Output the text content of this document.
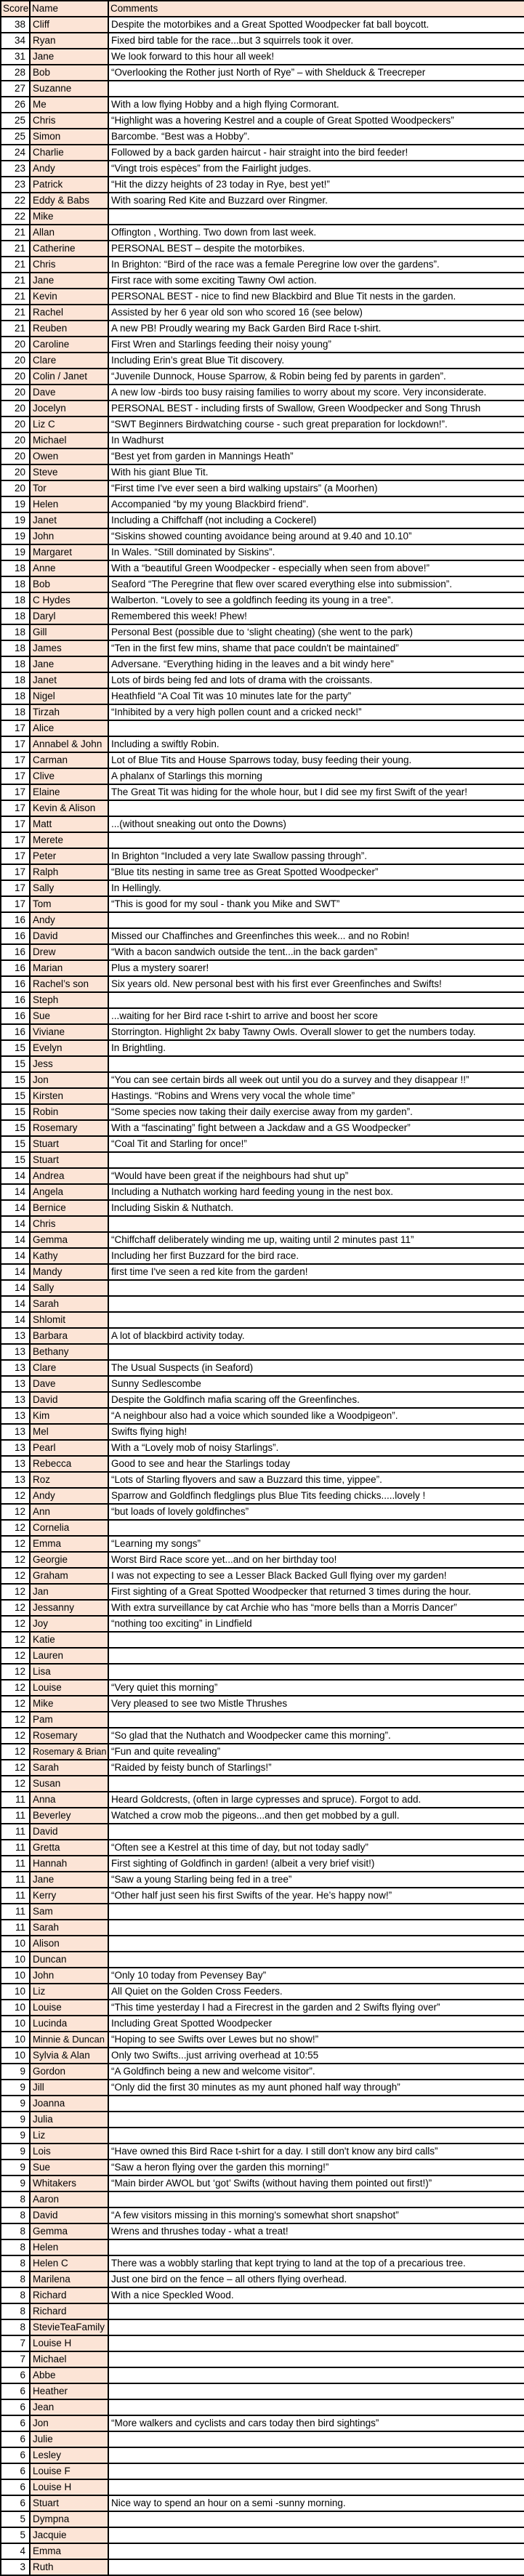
Score	Name	Comments
38	Cliff	Despite the motorbikes and a Great Spotted Woodpecker fat ball boycott.
34	Ryan	Fixed bird table for the race...but 3 squirrels took it over.
31	Jane	We look forward to this hour all week!
28	Bob	“Overlooking the Rother just North of Rye” – with Shelduck & Treecreper
27	Suzanne	
26	Me	With a low flying Hobby and a high flying Cormorant.
25	Chris	“Highlight was a hovering Kestrel and a couple of Great Spotted Woodpeckers”
25	Simon	Barcombe. “Best was a Hobby”.
24	Charlie	Followed by a back garden haircut - hair straight into the bird feeder!
23	Andy	“Vingt trois espèces” from the Fairlight judges.
23	Patrick	“Hit the dizzy heights of 23 today in Rye, best yet!”
22	Eddy & Babs	With soaring Red Kite and Buzzard over Ringmer.
22	Mike	
21	Allan	Offington , Worthing. Two down from last week.
21	Catherine	PERSONAL BEST – despite the motorbikes.
21	Chris	In Brighton: “Bird of the race was a female Peregrine low over the gardens”.
21	Jane	First race with some exciting Tawny Owl action.
21	Kevin	PERSONAL BEST - nice to find new Blackbird and Blue Tit nests in the garden.
21	Rachel	Assisted by her 6 year old son who scored 16 (see below)
21	Reuben	A new PB! Proudly wearing my Back Garden Bird Race t-shirt.
20	Caroline	First Wren and Starlings feeding their noisy young”
20	Clare	Including Erin’s great Blue Tit discovery.
20	Colin / Janet	“Juvenile Dunnock, House Sparrow, & Robin being fed by parents in garden”.
20	Dave	A new low -birds too busy raising families to worry about my score. Very inconsiderate.
20	Jocelyn	PERSONAL BEST - including firsts of Swallow, Green Woodpecker and Song Thrush
20	Liz C	“SWT Beginners Birdwatching course - such great preparation for lockdown!”.
20	Michael	In Wadhurst
20	Owen	“Best yet from garden in Mannings Heath”
20	Steve	With his giant Blue Tit.
20	Tor	“First time I've ever seen a bird walking upstairs” (a Moorhen)
19	Helen	Accompanied “by my young Blackbird friend”.
19	Janet	Including a Chiffchaff (not including a Cockerel)
19	John	“Siskins showed counting avoidance being around at 9.40 and 10.10”
19	Margaret	In Wales. “Still dominated by Siskins”.
18	Anne	With a “beautiful Green Woodpecker - especially when seen from above!”
18	Bob	Seaford “The Peregrine that flew over scared everything else into submission”.
18	C Hydes	Walberton. “Lovely to see a goldfinch feeding its young in a tree”.
18	Daryl	Remembered this week! Phew!
18	Gill	Personal Best (possible due to ‘slight cheating) (she went to the park)
18	James	“Ten in the first few mins, shame that pace couldn't be maintained”
18	Jane	Adversane. “Everything hiding in the leaves and a bit windy here”
18	Janet	Lots of birds being fed and lots of drama with the croissants.
18	Nigel	Heathfield “A Coal Tit was 10 minutes late for the party”
18	Tirzah	“Inhibited by a very high pollen count and a cricked neck!”
17	Alice	
17	Annabel & John	Including a swiftly Robin.
17	Carman	Lot of Blue Tits and House Sparrows today, busy feeding their young.
17	Clive	A phalanx of Starlings this morning
17	Elaine	The Great Tit was hiding for the whole hour, but I did see my first Swift of the year!
17	Kevin & Alison	
17	Matt	...(without sneaking out onto the Downs)
17	Merete	
17	Peter	In Brighton “Included a very late Swallow passing through”.
17	Ralph	“Blue tits nesting in same tree as Great Spotted Woodpecker”
17	Sally	In Hellingly.
17	Tom	“This is good for my soul - thank you Mike and SWT”
16	Andy	
16	David	Missed our Chaffinches and Greenfinches this week... and no Robin!
16	Drew	“With a bacon sandwich outside the tent...in the back garden”
16	Marian	Plus a mystery soarer!
16	Rachel’s son	Six years old. New personal best with his first ever Greenfinches and Swifts!
16	Steph	
16	Sue	...waiting for her Bird race t-shirt to arrive and boost her score
16	Viviane	Storrington. Highlight 2x baby Tawny Owls. Overall slower to get the numbers today.
15	Evelyn	In Brightling.
15	Jess	
15	Jon	“You can see certain birds all week out until you do a survey and they disappear !!”
15	Kirsten	Hastings. “Robins and Wrens very vocal the whole time”
15	Robin	“Some species now taking their daily exercise away from my garden”.
15	Rosemary	With a “fascinating” fight between a Jackdaw and a GS Woodpecker”
15	Stuart	“Coal Tit and Starling for once!”
15	Stuart	
14	Andrea	“Would have been great if the neighbours had shut up”
14	Angela	Including a Nuthatch working hard feeding young in the nest box.
14	Bernice	Including Siskin & Nuthatch.
14	Chris	
14	Gemma	“Chiffchaff deliberately winding me up, waiting until 2 minutes past 11”
14	Kathy	Including her first Buzzard for the bird race.
14	Mandy	first time I've seen a red kite from the garden!
14	Sally	
14	Sarah	
14	Shlomit	
13	Barbara	A lot of blackbird activity today.
13	Bethany	
13	Clare	The Usual Suspects (in Seaford)
13	Dave	Sunny Sedlescombe
13	David	Despite the Goldfinch mafia scaring off the Greenfinches.
13	Kim	“A neighbour also had a voice which sounded like a Woodpigeon”.
13	Mel	Swifts flying high!
13	Pearl	With a “Lovely mob of noisy Starlings”.
13	Rebecca	Good to see and hear the Starlings today
13	Roz	“Lots of Starling flyovers and saw a Buzzard this time, yippee”.
12	Andy	Sparrow and Goldfinch fledglings plus Blue Tits feeding chicks.....lovely !
12	Ann	“but loads of lovely goldfinches”
12	Cornelia	
12	Emma	“Learning my songs”
12	Georgie	Worst Bird Race score yet...and on her birthday too!
12	Graham	I was not expecting to see a Lesser Black Backed Gull flying over my garden!
12	Jan	First sighting of a Great Spotted Woodpecker that returned 3 times during the hour.
12	Jessanny	With extra surveillance by cat Archie who has “more bells than a Morris Dancer”
12	Joy	“nothing too exciting” in Lindfield
12	Katie	
12	Lauren	
12	Lisa	
12	Louise	“Very quiet this morning”
12	Mike	Very pleased to see two Mistle Thrushes
12	Pam	
12	Rosemary	“So glad that the Nuthatch and Woodpecker came this morning”.
12	Rosemary & Brian	“Fun and quite revealing”
12	Sarah	“Raided by feisty bunch of Starlings!”
12	Susan	
11	Anna	Heard Goldcrests, (often in large cypresses and spruce). Forgot to add.
11	Beverley	Watched a crow mob the pigeons...and then get mobbed by a gull.
11	David	
11	Gretta	“Often see a Kestrel at this time of day, but not today sadly”
11	Hannah	First sighting of Goldfinch in garden! (albeit a very brief visit!)
11	Jane	“Saw a young Starling being fed in a tree”
11	Kerry	“Other half just seen his first Swifts of the year. He’s happy now!”
11	Sam	
11	Sarah	
10	Alison	
10	Duncan	
10	John	“Only 10 today from Pevensey Bay”
10	Liz	All Quiet on the Golden Cross Feeders.
10	Louise	“This time yesterday I had a Firecrest in the garden and 2 Swifts flying over”
10	Lucinda	Including Great Spotted Woodpecker
10	Minnie & Duncan	“Hoping to see Swifts over Lewes but no show!”
10	Sylvia & Alan	Only two Swifts...just arriving overhead at 10:55
9	Gordon	“A Goldfinch being a new and welcome visitor”.
9	Jill	“Only did the first 30 minutes as my aunt phoned half way through”
9	Joanna	
9	Julia	
9	Liz	
9	Lois	“Have owned this Bird Race t-shirt for a day. I still don't know any bird calls”
9	Sue	“Saw a heron flying over the garden this morning!”
9	Whitakers	“Main birder AWOL but ‘got’ Swifts (without having them pointed out first!)”
8	Aaron	
8	David	“A few visitors missing in this morning's somewhat short snapshot”
8	Gemma	Wrens and thrushes today - what a treat!
8	Helen	
8	Helen C	There was a wobbly starling that kept trying to land at the top of a precarious tree.
8	Marilena	Just one bird on the fence – all others flying overhead.
8	Richard	With a nice Speckled Wood.
8	Richard	
8	StevieTeaFamily	
7	Louise H	
7	Michael	
6	Abbe	
6	Heather	
6	Jean	
6	Jon	“More walkers and cyclists and cars today then bird sightings”
6	Julie	
6	Lesley	
6	Louise F	
6	Louise H	
6	Stuart	Nice way to spend an hour on a semi -sunny morning.
5	Dympna	
5	Jacquie	
4	Emma	
3	Ruth	
